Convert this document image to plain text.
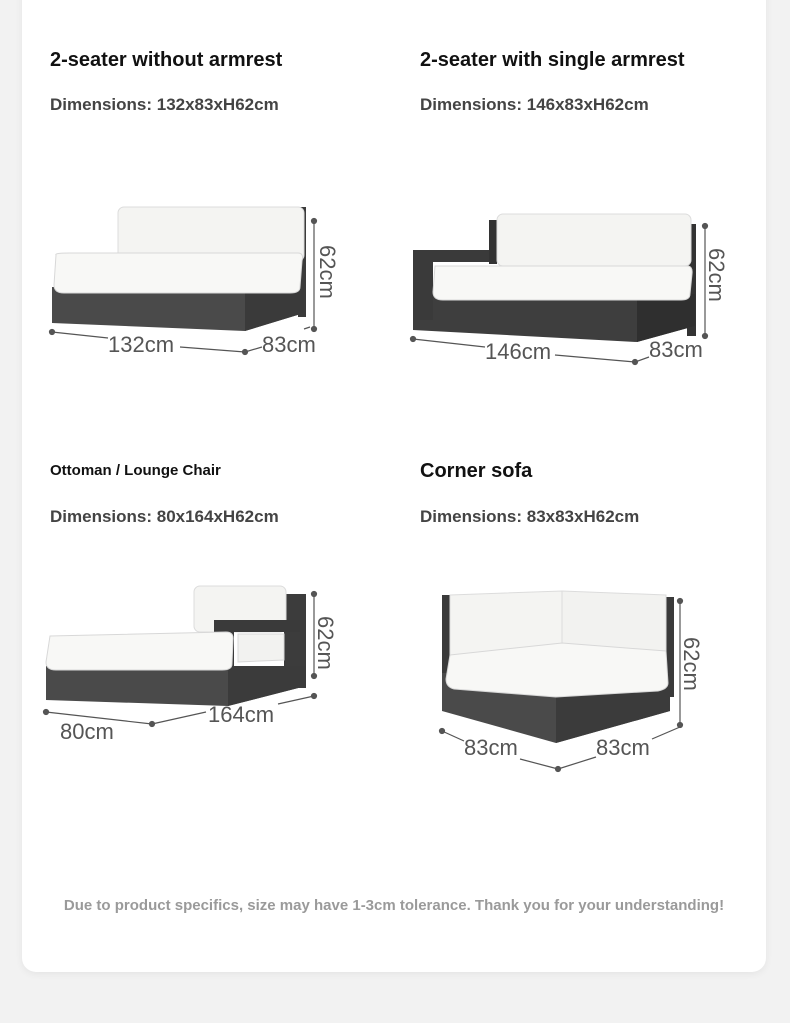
2-seater without armrest
Dimensions: 132x83xH62cm
132cm	83cm
62cm
2-seater with single armrest
Dimensions: 146x83xH62cm
146cm	83cm
62cm
Ottoman / Lounge Chair
Dimensions: 80x164xH62cm
80cm
164cm
62cm
Corner sofa
Dimensions: 83x83xH62cm
83cm	83cm
62cm
Due to product specifics, size may have 1-3cm tolerance. Thank you for your understanding!
